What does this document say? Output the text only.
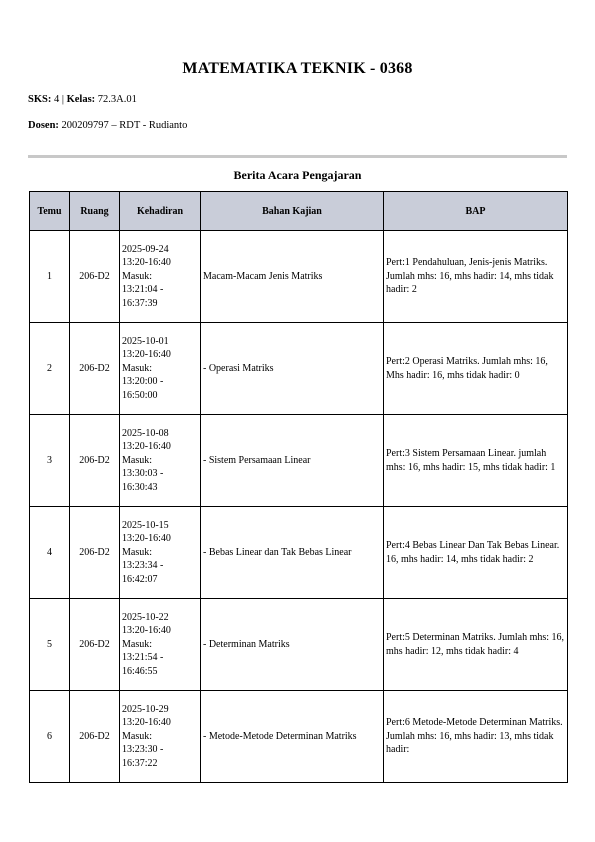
MATEMATIKA TEKNIK - 0368
SKS: 4 | Kelas: 72.3A.01
Dosen: 200209797 – RDT - Rudianto
Berita Acara Pengajaran
Temu	Ruang	Kehadiran	Bahan Kajian	BAP
1	206-D2	2025-09-24
13:20-16:40
Masuk:
13:21:04 -
16:37:39	Macam-Macam Jenis Matriks	Pert:1 Pendahuluan, Jenis-jenis Matriks. Jumlah mhs: 16, mhs hadir: 14, mhs tidak hadir: 2
2	206-D2	2025-10-01
13:20-16:40
Masuk:
13:20:00 -
16:50:00	- Operasi Matriks	Pert:2 Operasi Matriks. Jumlah mhs: 16, Mhs hadir: 16, mhs tidak hadir: 0
3	206-D2	2025-10-08
13:20-16:40
Masuk:
13:30:03 -
16:30:43	- Sistem Persamaan Linear	Pert:3 Sistem Persamaan Linear. jumlah mhs: 16, mhs hadir: 15, mhs tidak hadir: 1
4	206-D2	2025-10-15
13:20-16:40
Masuk:
13:23:34 -
16:42:07	- Bebas Linear dan Tak Bebas Linear	Pert:4 Bebas Linear Dan Tak Bebas Linear. 16, mhs hadir: 14, mhs tidak hadir: 2
5	206-D2	2025-10-22
13:20-16:40
Masuk:
13:21:54 -
16:46:55	- Determinan Matriks	Pert:5 Determinan Matriks. Jumlah mhs: 16, mhs hadir: 12, mhs tidak hadir: 4
6	206-D2	2025-10-29
13:20-16:40
Masuk:
13:23:30 -
16:37:22	- Metode-Metode Determinan Matriks	Pert:6 Metode-Metode Determinan Matriks. Jumlah mhs: 16, mhs hadir: 13, mhs tidak hadir:
